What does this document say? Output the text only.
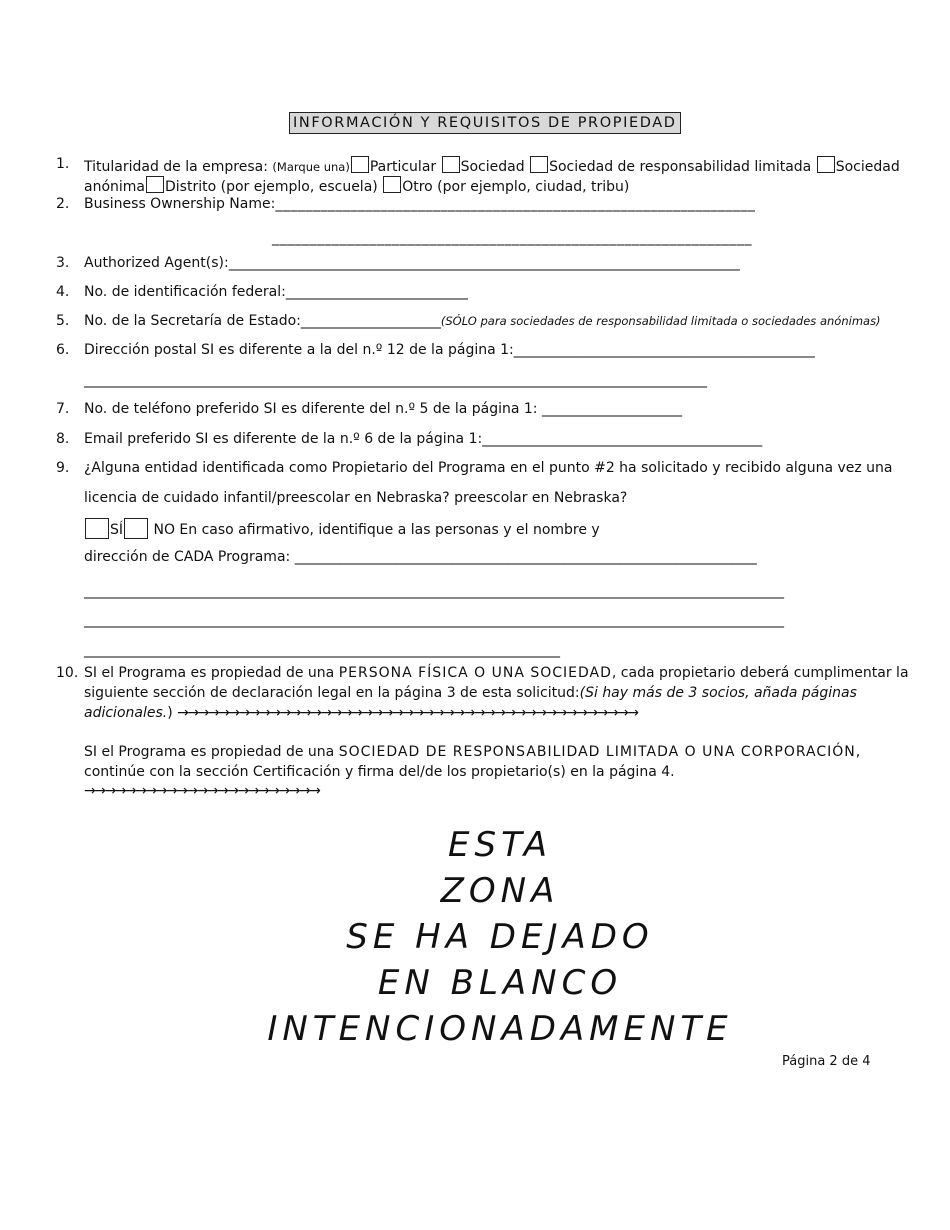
INFORMACIÓN Y REQUISITOS DE PROPIEDAD
1. Titularidad de la empresa: (Marque una) Particular Sociedad Sociedad de responsabilidad limitada Sociedad
anónima Distrito (por ejemplo, escuela) Otro (por ejemplo, ciudad, tribu)
2. Business Ownership Name:________________________________________________________________
________________________________________________________________
3. Authorized Agent(s):_________________________________________________________________________
4. No. de identificación federal:__________________________
5. No. de la Secretaría de Estado:____________________(SÓLO para sociedades de responsabilidad limitada o sociedades anónimas)
6. Dirección postal SI es diferente a la del n.º 12 de la página 1:___________________________________________
_________________________________________________________________________________________
7. No. de teléfono preferido SI es diferente del n.º 5 de la página 1: ____________________
8. Email preferido SI es diferente de la n.º 6 de la página 1:________________________________________
9. ¿Alguna entidad identificada como Propietario del Programa en el punto #2 ha solicitado y recibido alguna vez una
licencia de cuidado infantil/preescolar en Nebraska? preescolar en Nebraska?
SÍ NO En caso afirmativo, identifique a las personas y el nombre y
dirección de CADA Programa: __________________________________________________________________
____________________________________________________________________________________________________
____________________________________________________________________________________________________
____________________________________________________________________
10. SI el Programa es propiedad de una PERSONA FÍSICA O UNA SOCIEDAD, cada propietario deberá cumplimentar la
siguiente sección de declaración legal en la página 3 de esta solicitud:(Si hay más de 3 socios, añada páginas
adicionales.) →→→→→→→→→→→→→→→→→→→→→→→→→→→→→→→→→→→→→→→→→→→→→
SI el Programa es propiedad de una SOCIEDAD DE RESPONSABILIDAD LIMITADA O UNA CORPORACIÓN,
continúe con la sección Certificación y firma del/de los propietario(s) en la página 4.
→→→→→→→→→→→→→→→→→→→→→→→
ESTA
ZONA
SE HA DEJADO
EN BLANCO
INTENCIONADAMENTE
Página 2 de 4
